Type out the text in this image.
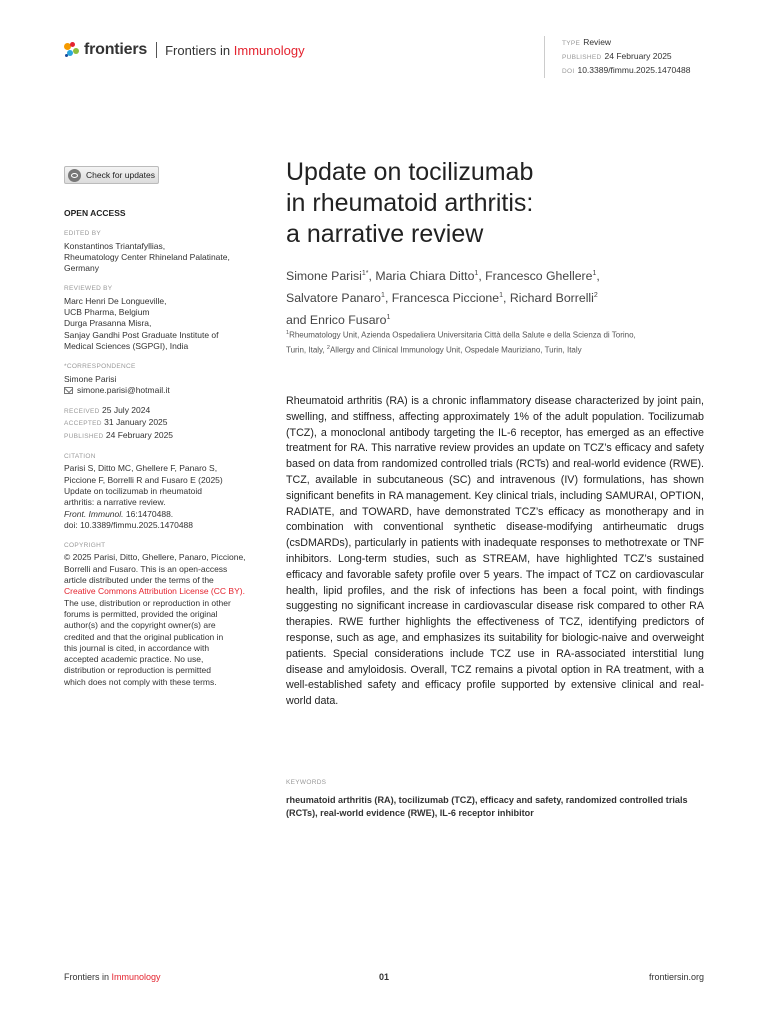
frontiers Frontiers in Immunology	TYPE Review
PUBLISHED 24 February 2025
DOI 10.3389/fimmu.2025.1470488
Check for updates
OPEN ACCESS
EDITED BY
Konstantinos Triantafyllias,
Rheumatology Center Rhineland Palatinate,
Germany
REVIEWED BY
Marc Henri De Longueville,
UCB Pharma, Belgium
Durga Prasanna Misra,
Sanjay Gandhi Post Graduate Institute of
Medical Sciences (SGPGI), India
*CORRESPONDENCE
Simone Parisi
simone.parisi@hotmail.it
RECEIVED 25 July 2024
ACCEPTED 31 January 2025
PUBLISHED 24 February 2025
CITATION
Parisi S, Ditto MC, Ghellere F, Panaro S,
Piccione F, Borrelli R and Fusaro E (2025)
Update on tocilizumab in rheumatoid
arthritis: a narrative review.
Front. Immunol. 16:1470488.
doi: 10.3389/fimmu.2025.1470488
COPYRIGHT
© 2025 Parisi, Ditto, Ghellere, Panaro, Piccione,
Borrelli and Fusaro. This is an open-access
article distributed under the terms of the
Creative Commons Attribution License (CC BY).
The use, distribution or reproduction in other
forums is permitted, provided the original
author(s) and the copyright owner(s) are
credited and that the original publication in
this journal is cited, in accordance with
accepted academic practice. No use,
distribution or reproduction is permitted
which does not comply with these terms.
Update on tocilizumab
in rheumatoid arthritis:
a narrative review
Simone Parisi$^{1*}$, Maria Chiara Ditto$^1$, Francesco Ghellere$^1$,
Salvatore Panaro$^1$, Francesca Piccione$^1$, Richard Borrelli$^2$
and Enrico Fusaro$^1$
$^1$Rheumatology Unit, Azienda Ospedaliera Universitaria Città della Salute e della Scienza di Torino,
Turin, Italy, $^2$Allergy and Clinical Immunology Unit, Ospedale Mauriziano, Turin, Italy
Rheumatoid arthritis (RA) is a chronic inflammatory disease characterized by joint pain, swelling, and stiffness, affecting approximately 1% of the adult population. Tocilizumab (TCZ), a monoclonal antibody targeting the IL-6 receptor, has emerged as an effective treatment for RA. This narrative review provides an update on TCZ’s efficacy and safety based on data from randomized controlled trials (RCTs) and real-world evidence (RWE). TCZ, available in subcutaneous (SC) and intravenous (IV) formulations, has shown significant benefits in RA management. Key clinical trials, including SAMURAI, OPTION, RADIATE, and TOWARD, have demonstrated TCZ’s efficacy as monotherapy and in combination with conventional synthetic disease-modifying antirheumatic drugs (csDMARDs), particularly in patients with inadequate responses to methotrexate or TNF inhibitors. Long-term studies, such as STREAM, have highlighted TCZ’s sustained efficacy and favorable safety profile over 5 years. The impact of TCZ on cardiovascular health, lipid profiles, and the risk of infections has been a focal point, with findings suggesting no significant increase in cardiovascular disease risk compared to other RA therapies. RWE further highlights the effectiveness of TCZ, identifying predictors of response, such as age, and emphasizes its suitability for biologic-naive and overweight patients. Special considerations include TCZ use in RA-associated interstitial lung disease and amyloidosis. Overall, TCZ remains a pivotal option in RA treatment, with a well-established safety and efficacy profile supported by extensive clinical and real-world data.
KEYWORDS
rheumatoid arthritis (RA), tocilizumab (TCZ), efficacy and safety, randomized controlled trials (RCTs), real-world evidence (RWE), IL-6 receptor inhibitor
Frontiers in Immunology	01	frontiersin.org
